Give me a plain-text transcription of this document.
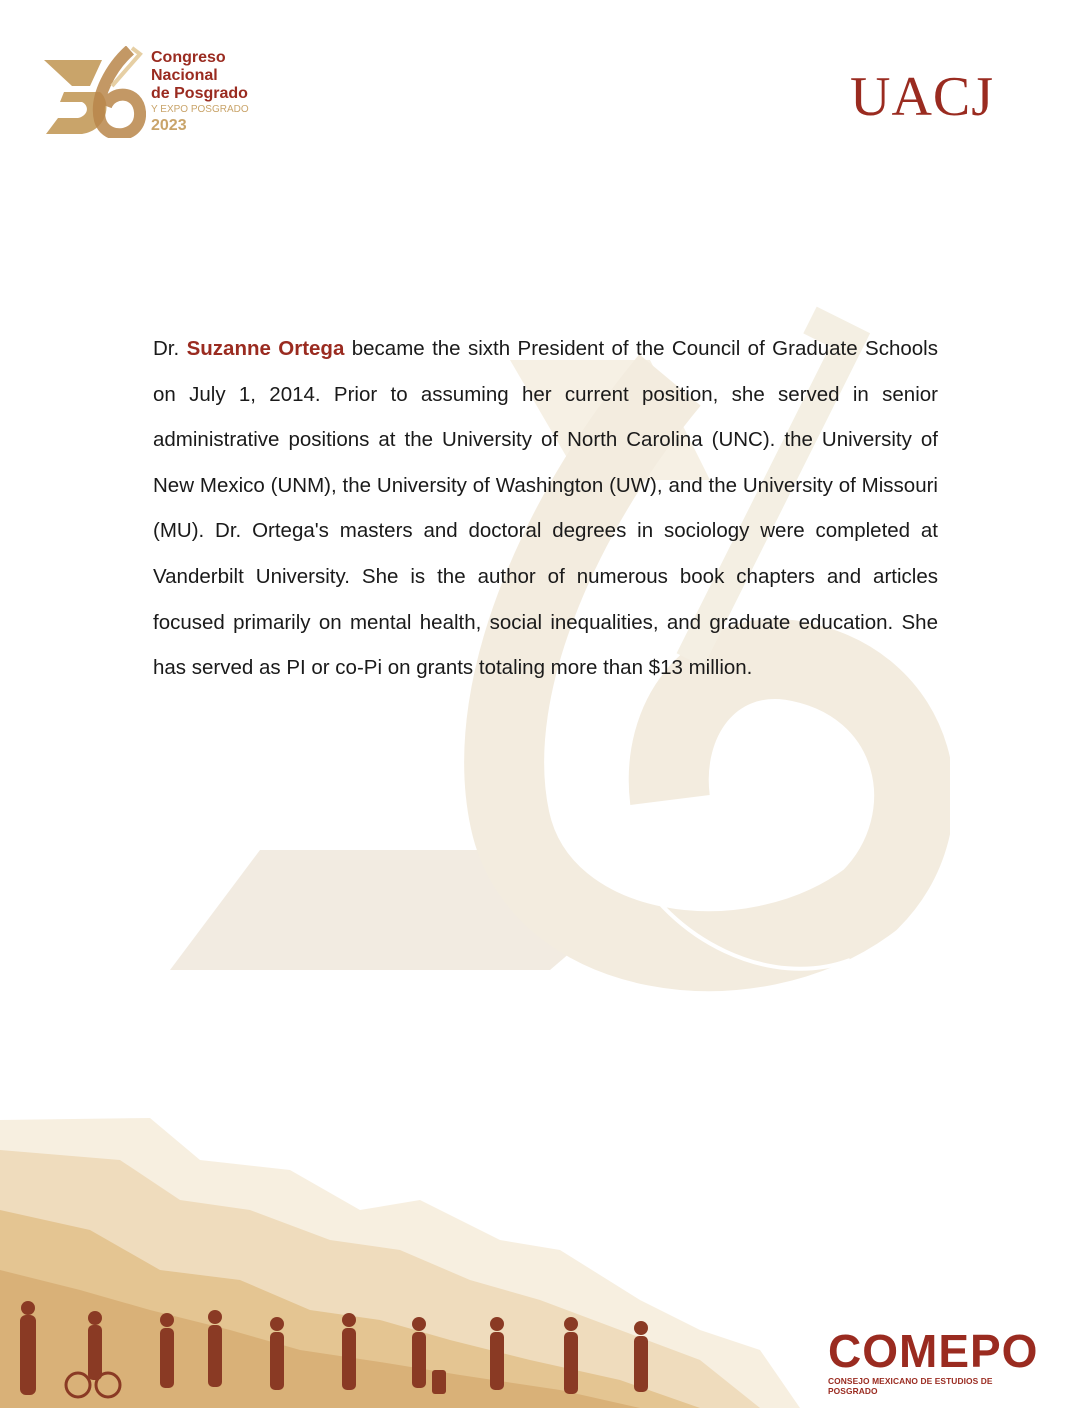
Congreso
Nacional
de Posgrado
Y EXPO POSGRADO
2023	UACJ

Dr. Suzanne Ortega became the sixth President of the Council of Graduate Schools on July 1, 2014. Prior to assuming her current position, she served in senior administrative positions at the University of North Carolina (UNC). the University of New Mexico (UNM), the University of Washington (UW), and the University of Missouri (MU). Dr. Ortega's masters and doctoral degrees in sociology were completed at Vanderbilt University. She is the author of numerous book chapters and articles focused primarily on mental health, social inequalities, and graduate education. She has served as PI or co-Pi on grants totaling more than $13 million.

COMEPO
CONSEJO MEXICANO DE ESTUDIOS DE POSGRADO
